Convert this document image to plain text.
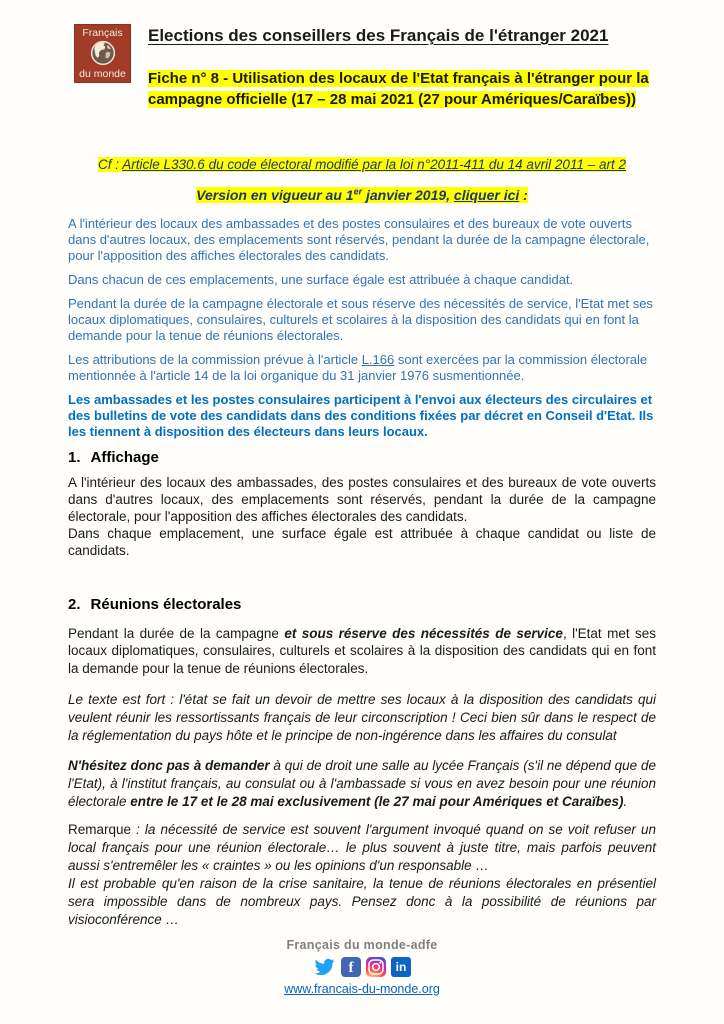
Français
du monde
Elections des conseillers des Français de l'étranger 2021
Fiche n° 8 - Utilisation des locaux de l'Etat français à l'étranger pour la campagne officielle (17 – 28 mai 2021 (27 pour Amériques/Caraïbes))
Cf : Article L330.6 du code électoral modifié par la loi n°2011-411 du 14 avril 2011 – art 2
Version en vigueur au 1er janvier 2019, cliquer ici :

A l'intérieur des locaux des ambassades et des postes consulaires et des bureaux de vote ouverts dans d'autres locaux, des emplacements sont réservés, pendant la durée de la campagne électorale, pour l'apposition des affiches électorales des candidats.

Dans chacun de ces emplacements, une surface égale est attribuée à chaque candidat.

Pendant la durée de la campagne électorale et sous réserve des nécessités de service, l'Etat met ses locaux diplomatiques, consulaires, culturels et scolaires à la disposition des candidats qui en font la demande pour la tenue de réunions électorales.

Les attributions de la commission prévue à l'article L.166 sont exercées par la commission électorale mentionnée à l'article 14 de la loi organique du 31 janvier 1976 susmentionnée.

Les ambassades et les postes consulaires participent à l'envoi aux électeurs des circulaires et des bulletins de vote des candidats dans des conditions fixées par décret en Conseil d'Etat. Ils les tiennent à disposition des électeurs dans leurs locaux.

1. Affichage
A l'intérieur des locaux des ambassades, des postes consulaires et des bureaux de vote ouverts dans d'autres locaux, des emplacements sont réservés, pendant la durée de la campagne électorale, pour l'apposition des affiches électorales des candidats.
Dans chaque emplacement, une surface égale est attribuée à chaque candidat ou liste de candidats.
2. Réunions électorales
Pendant la durée de la campagne et sous réserve des nécessités de service, l'Etat met ses locaux diplomatiques, consulaires, culturels et scolaires à la disposition des candidats qui en font la demande pour la tenue de réunions électorales.
Le texte est fort : l'état se fait un devoir de mettre ses locaux à la disposition des candidats qui veulent réunir les ressortissants français de leur circonscription ! Ceci bien sûr dans le respect de la réglementation du pays hôte et le principe de non-ingérence dans les affaires du consulat
N'hésitez donc pas à demander à qui de droit une salle au lycée Français (s'il ne dépend que de l'Etat), à l'institut français, au consulat ou à l'ambassade si vous en avez besoin pour une réunion électorale entre le 17 et le 28 mai exclusivement (le 27 mai pour Amériques et Caraïbes).
Remarque : la nécessité de service est souvent l'argument invoqué quand on se voit refuser un local français pour une réunion électorale… le plus souvent à juste titre, mais parfois peuvent aussi s'entremêler les « craintes » ou les opinions d'un responsable …
Il est probable qu'en raison de la crise sanitaire, la tenue de réunions électorales en présentiel sera impossible dans de nombreux pays. Pensez donc à la possibilité de réunions par visioconférence …
Français du monde-adfe
f	in
www.francais-du-monde.org
